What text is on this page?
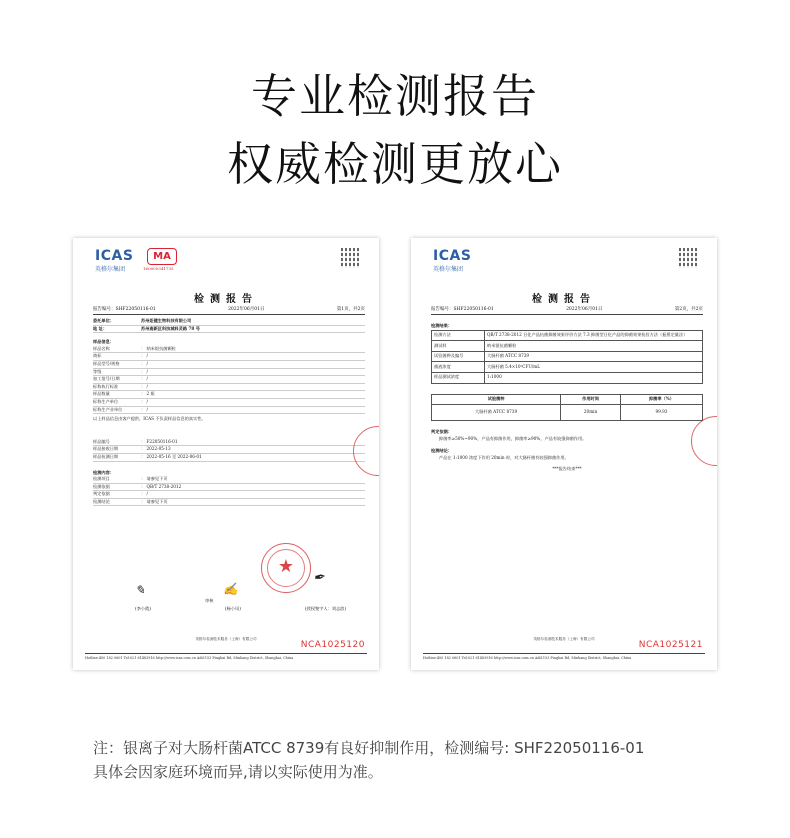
专业检测报告
权威检测更放心
ICAS
英格尔集团
MA
160000341735
检测报告
报告编号：SHF22050116-01	2022年06月01日	第1页，共2页
委托单位：	苏州炬健生物科技有限公司
地 址：	苏州高新区科技城科灵路 78 号
样品信息：
样品名称	： 纳米银抗菌颗粒
商标	： /
样品型号/规格	： /
等级	： /
加工批号/日期	： /
标称执行标准	： /
样品数量	： 2 瓶
标称生产单位	： /
标称生产业单位	： /
以上样品信息由客户提供，ICAS 不负责样品信息的真实性。
样品编号	： F22050116-01
样品接收日期	： 2022-05-13
样品检测日期	： 2022-05-16 至 2022-06-01
检测内容：
检测项目	： 请参见下页
检测依据	： QB/T 2738-2012
判定依据	： /
检测结论	： 请参见下页
★
✎	✍
✒
(李小霞)
审核
(杨小凤)	(授权签字人：刘志滨)
NCA1025120
英格尔检测技术服务（上海）有限公司
Hotline:400 182 0601 Tel:021 61483916 http://www.icas.com.cn Add:153 Pinghai Rd, Minhang District, Shanghai, China
ICAS
英格尔集团
检测报告
报告编号：SHF22050116-01	2022年06月01日	第2页，共2页
检测结果：
检测方法	QB/T 2738-2012 日化产品抗菌抑菌效果评价方法 7.3 抑菌型日化产品的抑菌效果检验方法（振摇定量法）
测试样	纳米银抗菌颗粒
试验菌种及编号	大肠杆菌 ATCC 8739
菌液浓度	大肠杆菌 5.4×10⁵CFU/mL
样品测试浓度	1:1000
试验菌种	作用时间	抑菌率（%）
大肠杆菌 ATCC 8739	20min	99.93
判定依据：
抑菌率≥50%~90%，产品有抑菌作用，抑菌率≥90%，产品有较强抑菌作用。
检测结论：
产品在 1:1000 浓度下作用 20min 时，对大肠杆菌有较强抑菌作用。
***报告结束***
NCA1025121
英格尔检测技术服务（上海）有限公司
Hotline:400 182 0601 Tel:021 61483916 http://www.icas.com.cn Add:153 Pinghai Rd, Minhang District, Shanghai, China
注：银离子对大肠杆菌ATCC 8739有良好抑制作用，检测编号: SHF22050116-01
具体会因家庭环境而异,请以实际使用为准。
